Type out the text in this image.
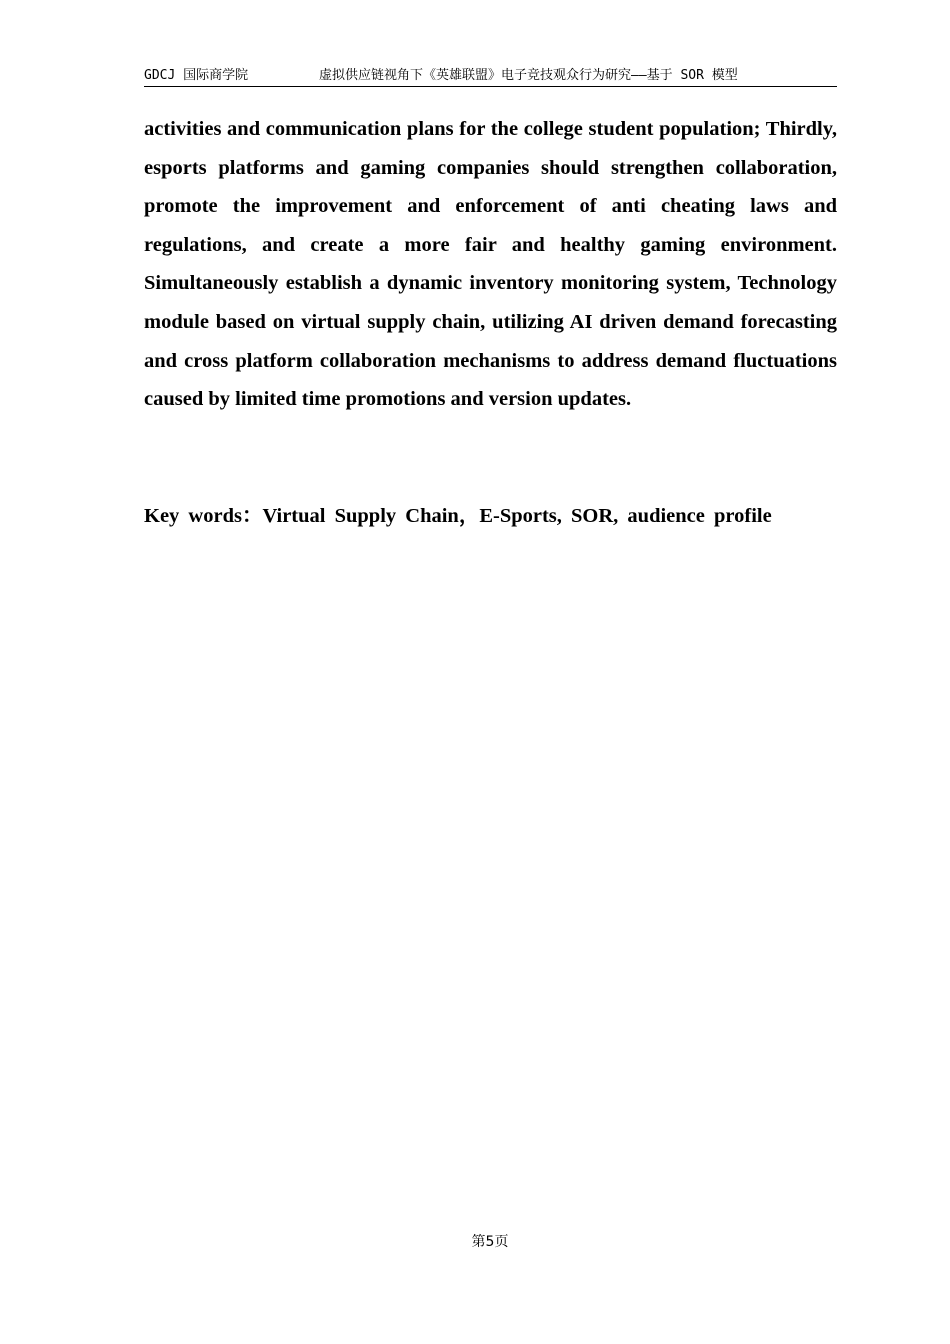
GDCJ 国际商学院	虚拟供应链视角下《英雄联盟》电子竞技观众行为研究——基于 SOR 模型

activities and communication plans for the college student population; Thirdly, esports platforms and gaming companies should strengthen collaboration, promote the improvement and enforcement of anti cheating laws and regulations, and create a more fair and healthy gaming environment. Simultaneously establish a dynamic inventory monitoring system, Technology module based on virtual supply chain, utilizing AI driven demand forecasting and cross platform collaboration mechanisms to address demand fluctuations caused by limited time promotions and version updates.

Key words：Virtual Supply Chain，E-Sports, SOR, audience profile
第5页
